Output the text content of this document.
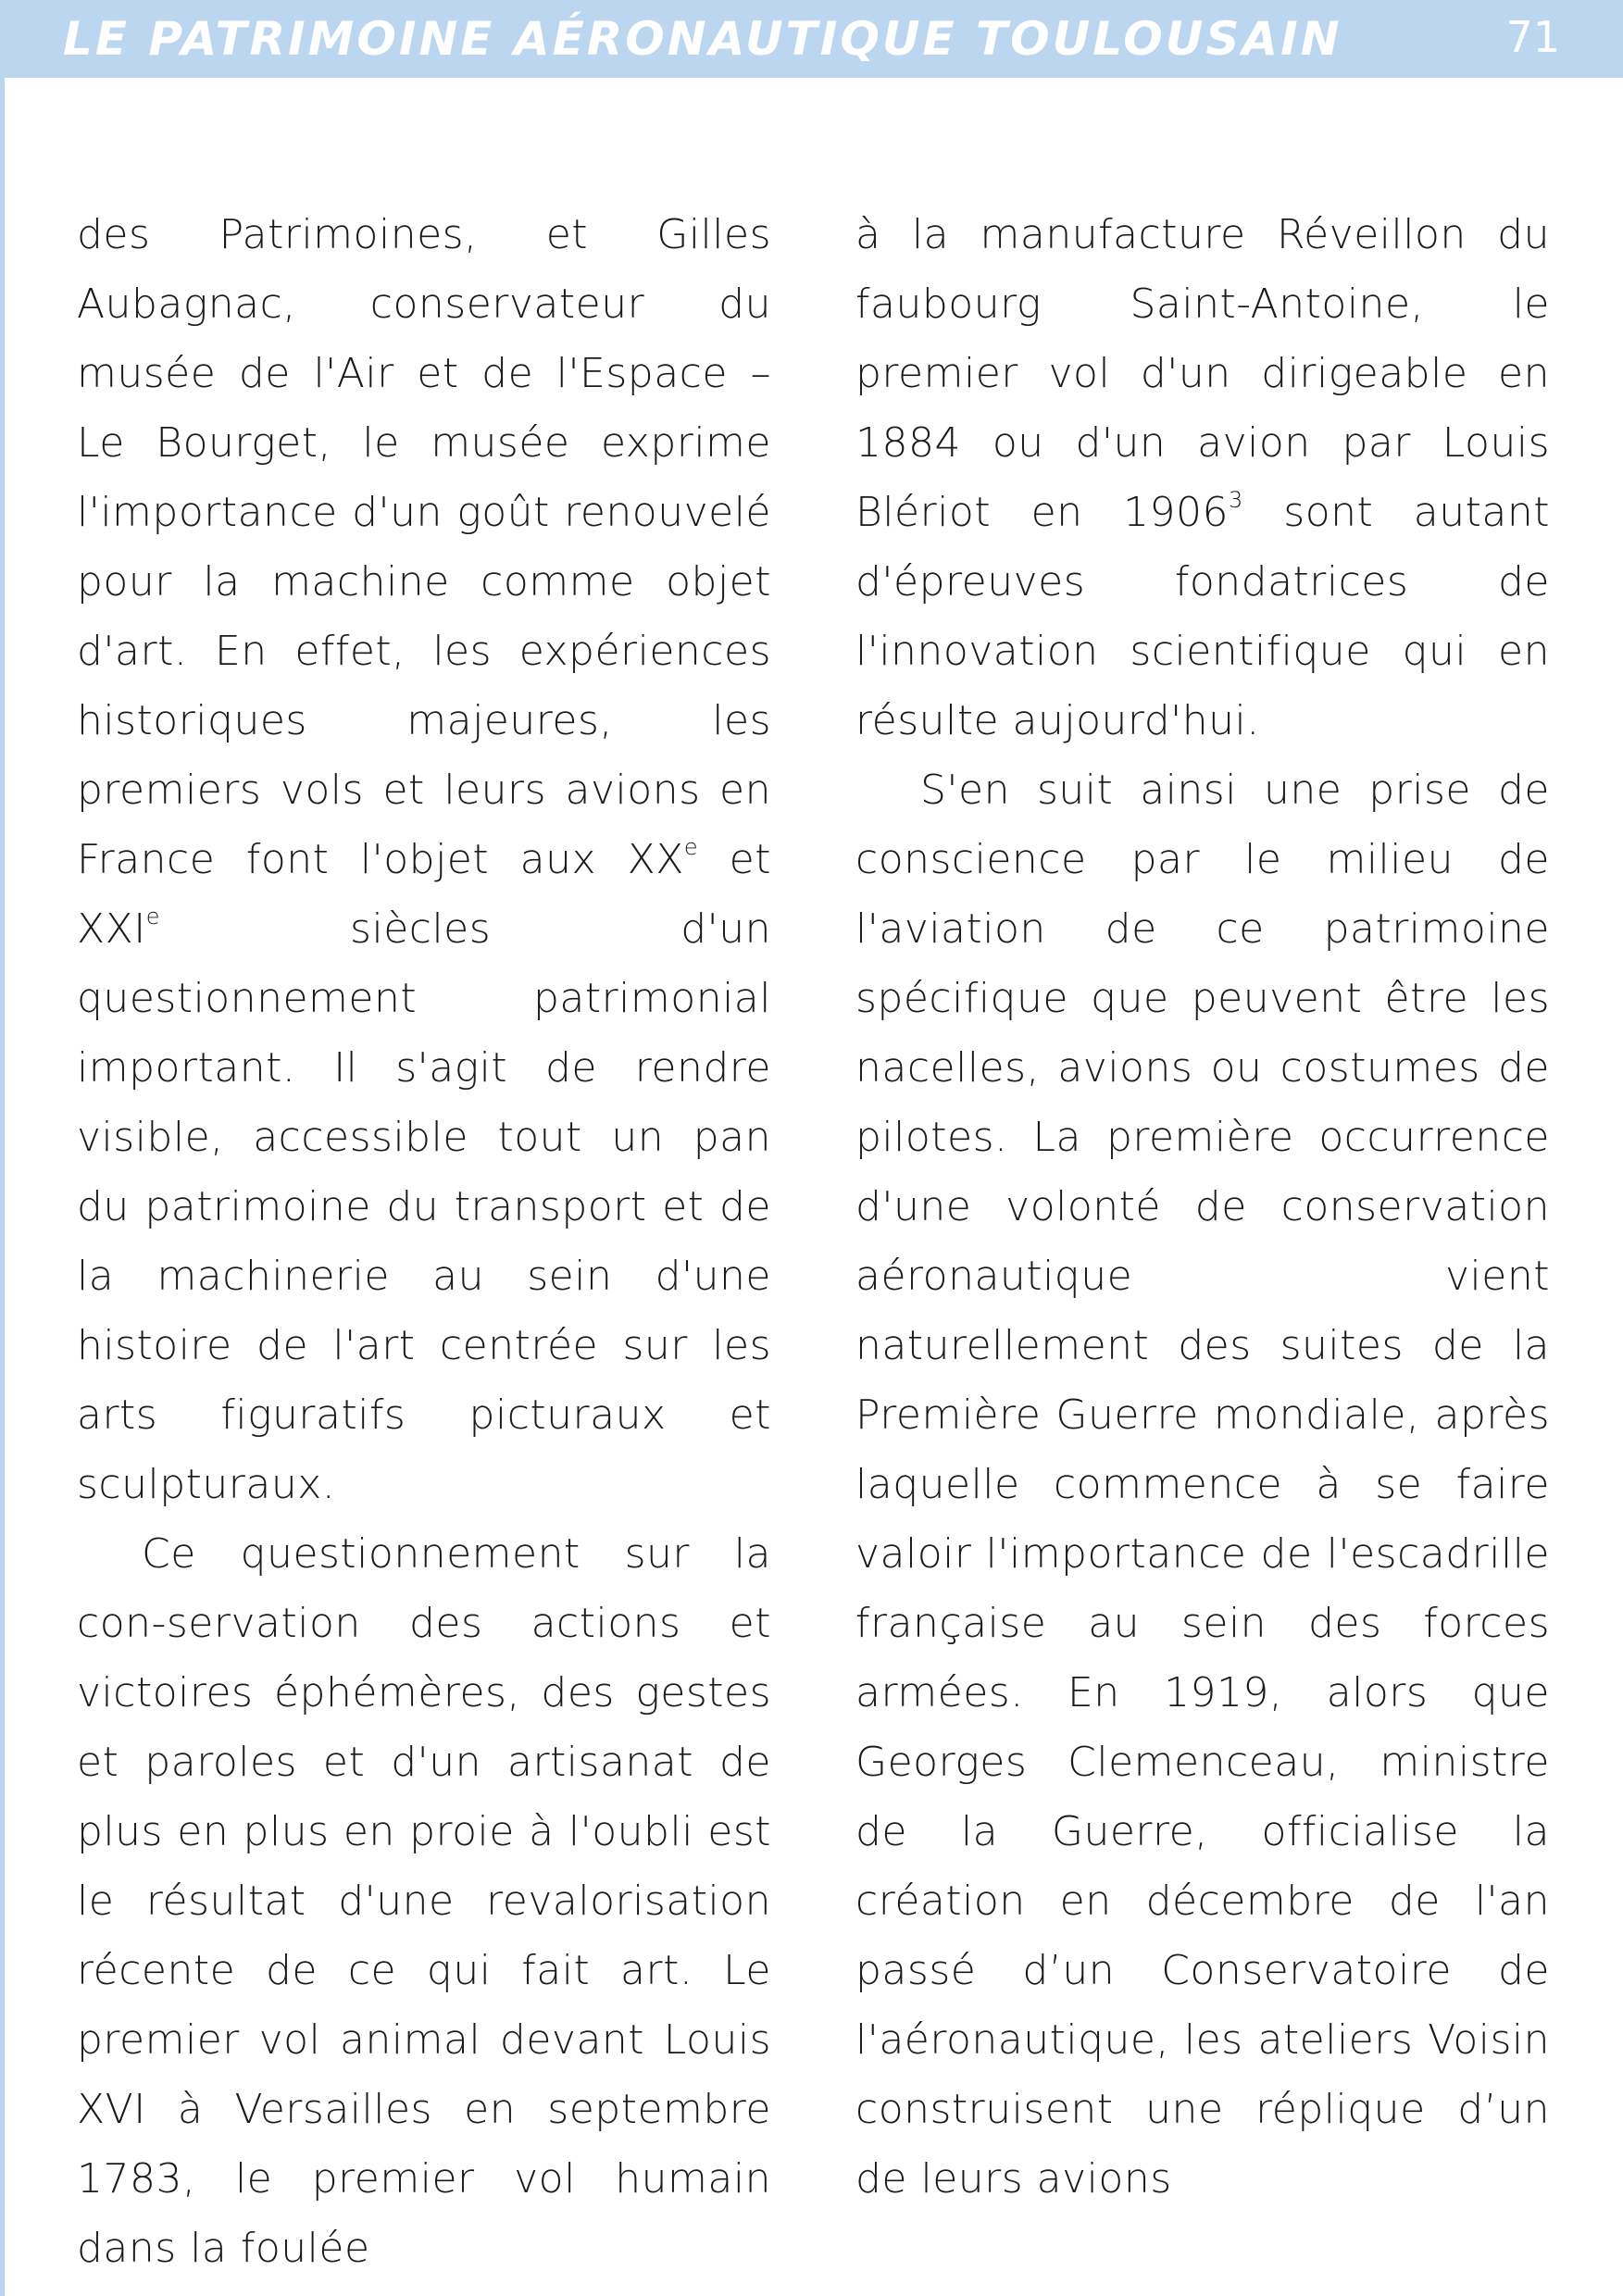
LE PATRIMOINE AÉRONAUTIQUE TOULOUSAIN	71

des Patrimoines, et Gilles Aubagnac, conservateur du musée de l'Air et de l'Espace – Le Bourget, le musée exprime l'importance d'un goût renouvelé pour la machine comme objet d'art. En effet, les expériences historiques majeures, les premiers vols et leurs avions en France font l'objet aux XXe et XXIe siècles d'un questionnement patrimonial important. Il s'agit de rendre visible, accessible tout un pan du patrimoine du transport et de la machinerie au sein d'une histoire de l'art centrée sur les arts figuratifs picturaux et sculpturaux.

Ce questionnement sur la con-servation des actions et victoires éphémères, des gestes et paroles et d'un artisanat de plus en plus en proie à l'oubli est le résultat d'une revalorisation récente de ce qui fait art. Le premier vol animal devant Louis XVI à Versailles en septembre 1783, le premier vol humain dans la foulée

à la manufacture Réveillon du faubourg Saint-Antoine, le premier vol d'un dirigeable en 1884 ou d'un avion par Louis Blériot en 1906$^3$ sont autant d'épreuves fondatrices de l'innovation scientifique qui en résulte aujourd'hui.

S'en suit ainsi une prise de conscience par le milieu de l'aviation de ce patrimoine spécifique que peuvent être les nacelles, avions ou costumes de pilotes. La première occurrence d'une volonté de conservation aéronautique vient naturellement des suites de la Première Guerre mondiale, après laquelle commence à se faire valoir l'importance de l'escadrille française au sein des forces armées. En 1919, alors que Georges Clemenceau, ministre de la Guerre, officialise la création en décembre de l'an passé d’un Conservatoire de l'aéronautique, les ateliers Voisin construisent une réplique d’un de leurs avions
